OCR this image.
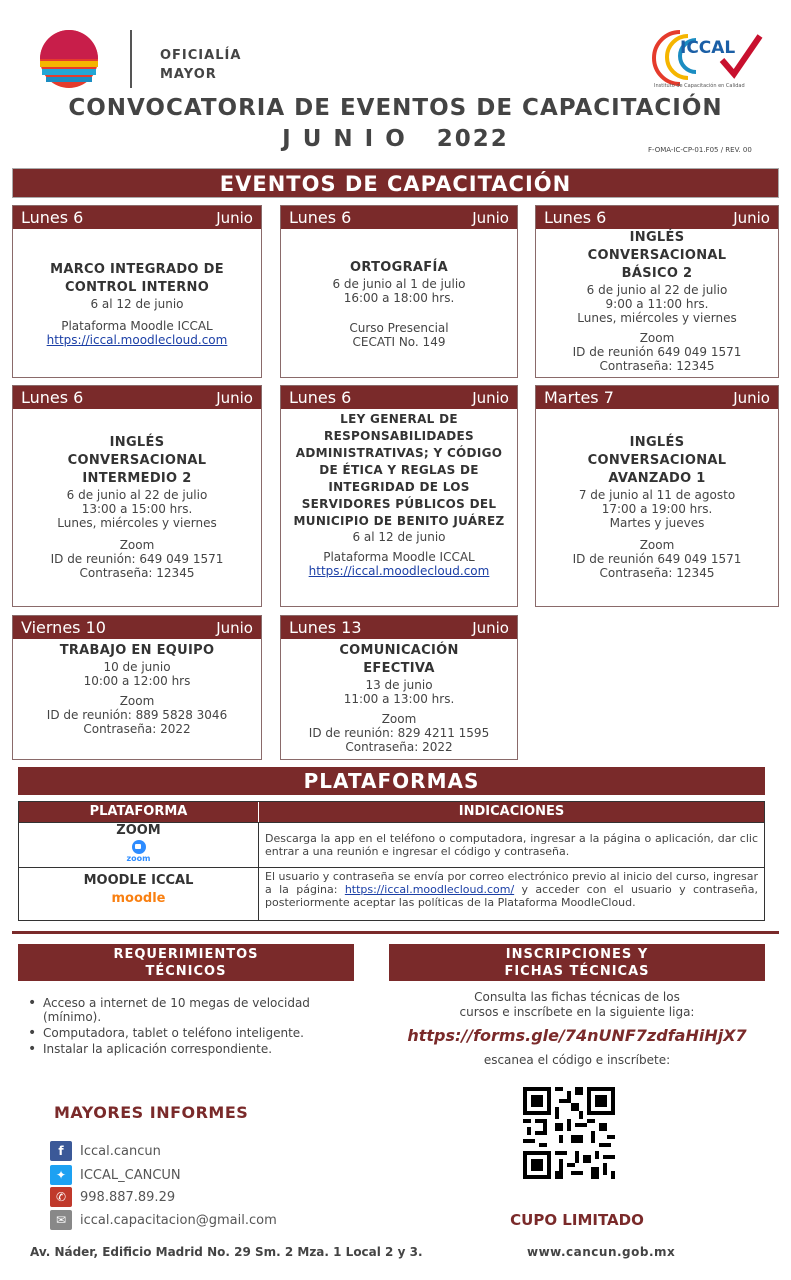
OFICIALÍA
MAYOR
ICCAL
Instituto de Capacitación en Calidad
CONVOCATORIA DE EVENTOS DE CAPACITACIÓN
J U N I O   2022	F-OMA-IC-CP-01.F05 / REV. 00
EVENTOS DE CAPACITACIÓN
Lunes 6	Junio
MARCO INTEGRADO DE CONTROL INTERNO
6 al 12 de junio
Plataforma Moodle ICCAL
https://iccal.moodlecloud.com
Lunes 6	Junio
ORTOGRAFÍA
6 de junio al 1 de julio
16:00 a 18:00 hrs.
Curso Presencial
CECATI No. 149
Lunes 6	Junio
INGLÉS CONVERSACIONAL BÁSICO 2
6 de junio al 22 de julio
9:00 a 11:00 hrs.
Lunes, miércoles y viernes
Zoom
ID de reunión 649 049 1571
Contraseña: 12345
Lunes 6	Junio
INGLÉS CONVERSACIONAL INTERMEDIO 2
6 de junio al 22 de julio
13:00 a 15:00 hrs.
Lunes, miércoles y viernes
Zoom
ID de reunión: 649 049 1571
Contraseña: 12345
Lunes 6	Junio
LEY GENERAL DE RESPONSABILIDADES ADMINISTRATIVAS; Y CÓDIGO DE ÉTICA Y REGLAS DE INTEGRIDAD DE LOS SERVIDORES PÚBLICOS DEL MUNICIPIO DE BENITO JUÁREZ
6 al 12 de junio
Plataforma Moodle ICCAL
https://iccal.moodlecloud.com
Martes 7	Junio
INGLÉS CONVERSACIONAL AVANZADO 1
7 de junio al 11 de agosto
17:00 a 19:00 hrs.
Martes y jueves
Zoom
ID de reunión 649 049 1571
Contraseña: 12345
Viernes 10	Junio
TRABAJO EN EQUIPO
10 de junio
10:00 a 12:00 hrs
Zoom
ID de reunión: 889 5828 3046
Contraseña: 2022
Lunes 13	Junio
COMUNICACIÓN EFECTIVA
13 de junio
11:00 a 13:00 hrs.
Zoom
ID de reunión: 829 4211 1595
Contraseña: 2022
PLATAFORMAS
PLATAFORMA	INDICACIONES
ZOOM
zoom
Descarga la app en el teléfono o computadora, ingresar a la página o aplicación, dar clic entrar a una reunión e ingresar el código y contraseña.
MOODLE ICCAL
moodle
El usuario y contraseña se envía por correo electrónico previo al inicio del curso, ingresar a la página: https://iccal.moodlecloud.com/ y acceder con el usuario y contraseña, posteriormente aceptar las políticas de la Plataforma MoodleCloud.
REQUERIMIENTOS
TÉCNICOS
• Acceso a internet de 10 megas de velocidad (mínimo).
• Computadora, tablet o teléfono inteligente.
• Instalar la aplicación correspondiente.
INSCRIPCIONES Y
FICHAS TÉCNICAS
Consulta las fichas técnicas de los
cursos e inscríbete en la siguiente liga:
https://forms.gle/74nUNF7zdfaHiHjX7
escanea el código e inscríbete:
CUPO LIMITADO
MAYORES INFORMES
f	Iccal.cancun
✦	ICCAL_CANCUN
✆	998.887.89.29
✉	iccal.capacitacion@gmail.com
Av. Náder, Edificio Madrid No. 29 Sm. 2 Mza. 1 Local 2 y 3.	www.cancun.gob.mx
